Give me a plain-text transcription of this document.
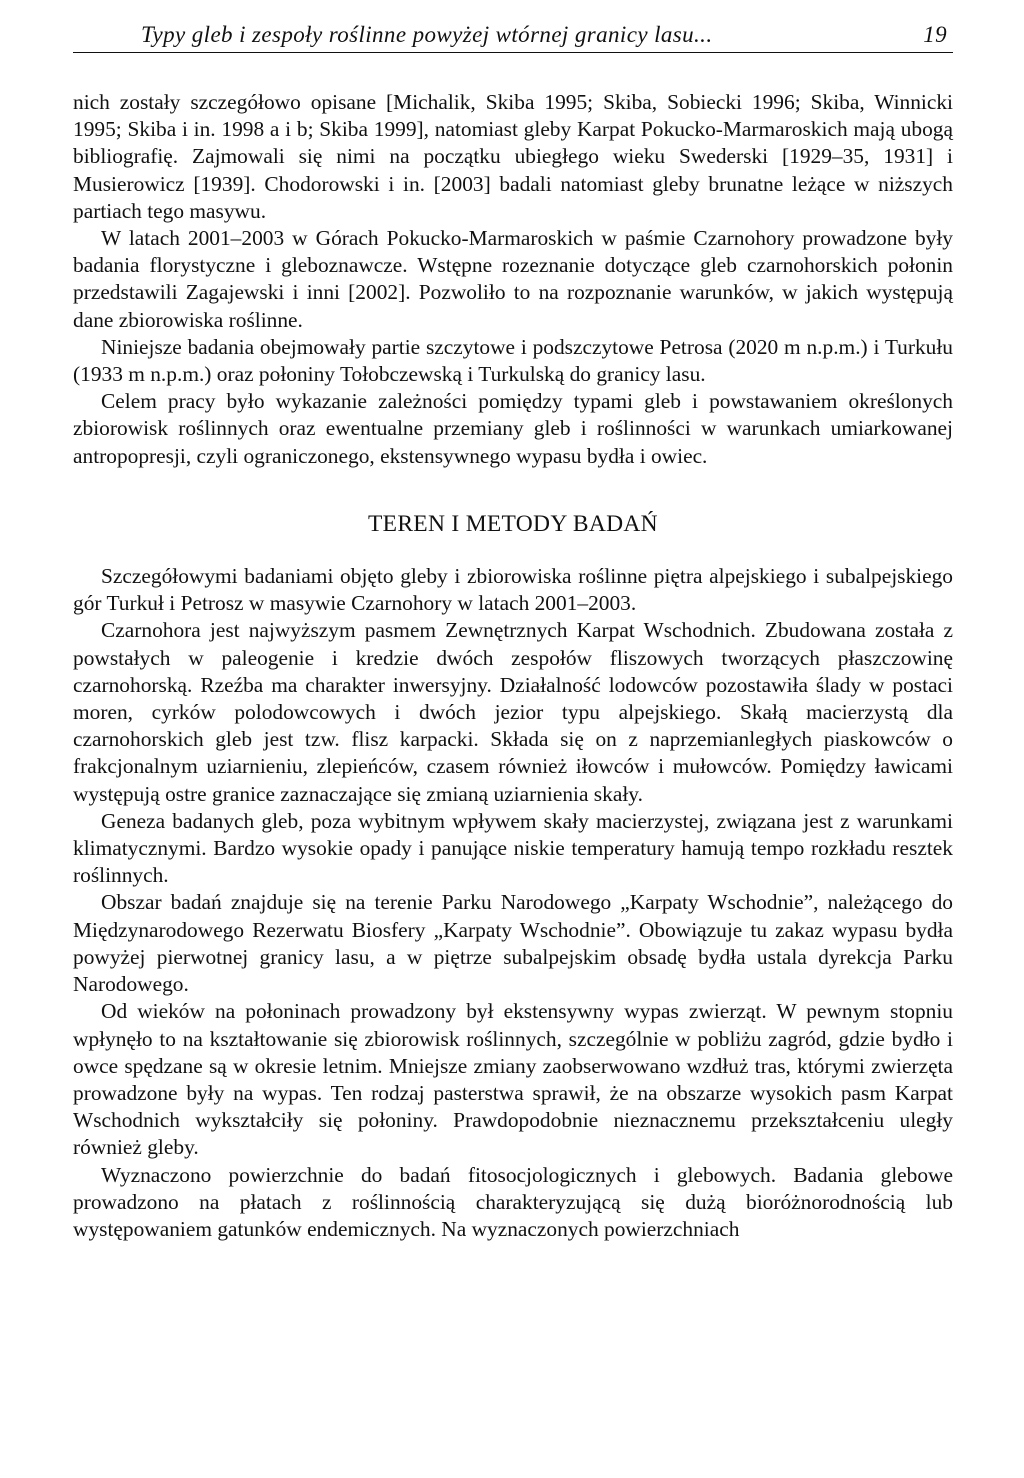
Typy gleb i zespoły roślinne powyżej wtórnej granicy lasu...	19

nich zostały szczegółowo opisane [Michalik, Skiba 1995; Skiba, Sobiecki 1996; Skiba, Winnicki 1995; Skiba i in. 1998 a i b; Skiba 1999], natomiast gleby Karpat Pokucko-Marmaroskich mają ubogą bibliografię. Zajmowali się nimi na początku ubiegłego wieku Swederski [1929–35, 1931] i Musierowicz [1939]. Chodorowski i in. [2003] badali natomiast gleby brunatne leżące w niższych partiach tego masywu.

W latach 2001–2003 w Górach Pokucko-Marmaroskich w paśmie Czarnohory prowadzone były badania florystyczne i gleboznawcze. Wstępne rozeznanie dotyczące gleb czarnohorskich połonin przedstawili Zagajewski i inni [2002]. Pozwoliło to na rozpoznanie warunków, w jakich występują dane zbiorowiska roślinne.

Niniejsze badania obejmowały partie szczytowe i podszczytowe Petrosa (2020 m n.p.m.) i Turkułu (1933 m n.p.m.) oraz połoniny Tołobczewską i Turkulską do granicy lasu.

Celem pracy było wykazanie zależności pomiędzy typami gleb i powstawaniem określonych zbiorowisk roślinnych oraz ewentualne przemiany gleb i roślinności w warunkach umiarkowanej antropopresji, czyli ograniczonego, ekstensywnego wypasu bydła i owiec.

TEREN I METODY BADAŃ

Szczegółowymi badaniami objęto gleby i zbiorowiska roślinne piętra alpejskiego i subalpejskiego gór Turkuł i Petrosz w masywie Czarnohory w latach 2001–2003.

Czarnohora jest najwyższym pasmem Zewnętrznych Karpat Wschodnich. Zbudowana została z powstałych w paleogenie i kredzie dwóch zespołów fliszowych tworzących płaszczowinę czarnohorską. Rzeźba ma charakter inwersyjny. Działalność lodowców pozostawiła ślady w postaci moren, cyrków polodowcowych i dwóch jezior typu alpejskiego. Skałą macierzystą dla czarnohorskich gleb jest tzw. flisz karpacki. Składa się on z naprzemianległych piaskowców o frakcjonalnym uziarnieniu, zlepieńców, czasem również iłowców i mułowców. Pomiędzy ławicami występują ostre granice zaznaczające się zmianą uziarnienia skały.

Geneza badanych gleb, poza wybitnym wpływem skały macierzystej, związana jest z warunkami klimatycznymi. Bardzo wysokie opady i panujące niskie temperatury hamują tempo rozkładu resztek roślinnych.

Obszar badań znajduje się na terenie Parku Narodowego „Karpaty Wschodnie”, należącego do Międzynarodowego Rezerwatu Biosfery „Karpaty Wschodnie”. Obowiązuje tu zakaz wypasu bydła powyżej pierwotnej granicy lasu, a w piętrze subalpejskim obsadę bydła ustala dyrekcja Parku Narodowego.

Od wieków na połoninach prowadzony był ekstensywny wypas zwierząt. W pewnym stopniu wpłynęło to na kształtowanie się zbiorowisk roślinnych, szczególnie w pobliżu zagród, gdzie bydło i owce spędzane są w okresie letnim. Mniejsze zmiany zaobserwowano wzdłuż tras, którymi zwierzęta prowadzone były na wypas. Ten rodzaj pasterstwa sprawił, że na obszarze wysokich pasm Karpat Wschodnich wykształciły się połoniny. Prawdopodobnie nieznacznemu przekształceniu uległy również gleby.

Wyznaczono powierzchnie do badań fitosocjologicznych i glebowych. Badania glebowe prowadzono na płatach z roślinnością charakteryzującą się dużą bioróżnorodnością lub występowaniem gatunków endemicznych. Na wyznaczonych powierzchniach
